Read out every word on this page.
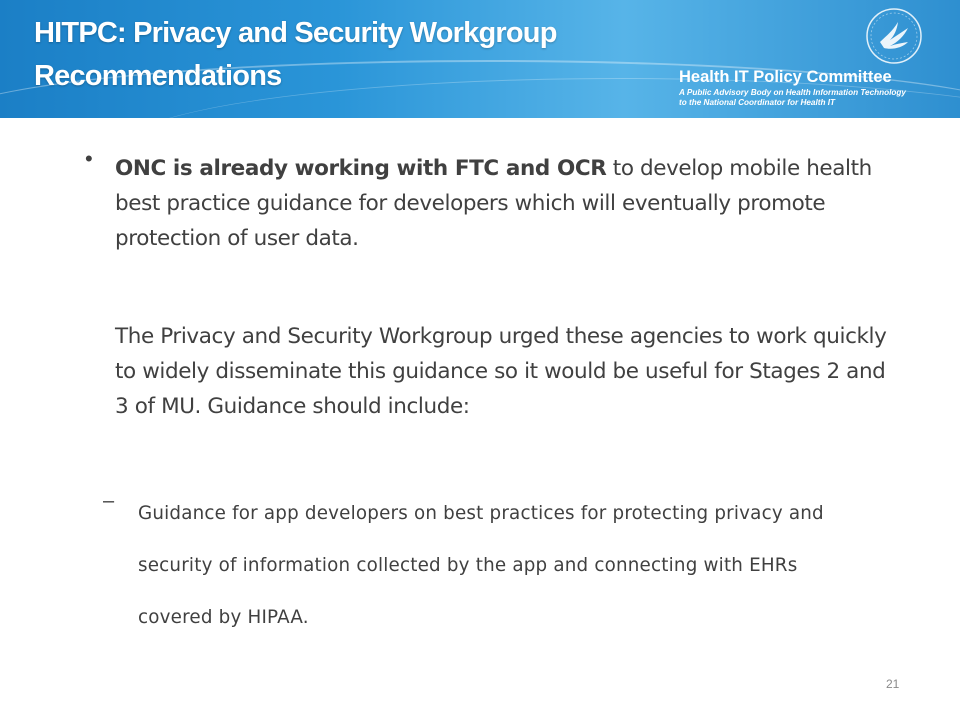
HITPC: Privacy and Security Workgroup
Recommendations	Health IT Policy Committee
A Public Advisory Body on Health Information Technology
to the National Coordinator for Health IT
• ONC is already working with FTC and OCR to develop mobile health best practice guidance for developers which will eventually promote protection of user data.
The Privacy and Security Workgroup urged these agencies to work quickly to widely disseminate this guidance so it would be useful for Stages 2 and 3 of MU. Guidance should include:
–
Guidance for app developers on best practices for protecting privacy and security of information collected by the app and connecting with EHRs covered by HIPAA.
21
